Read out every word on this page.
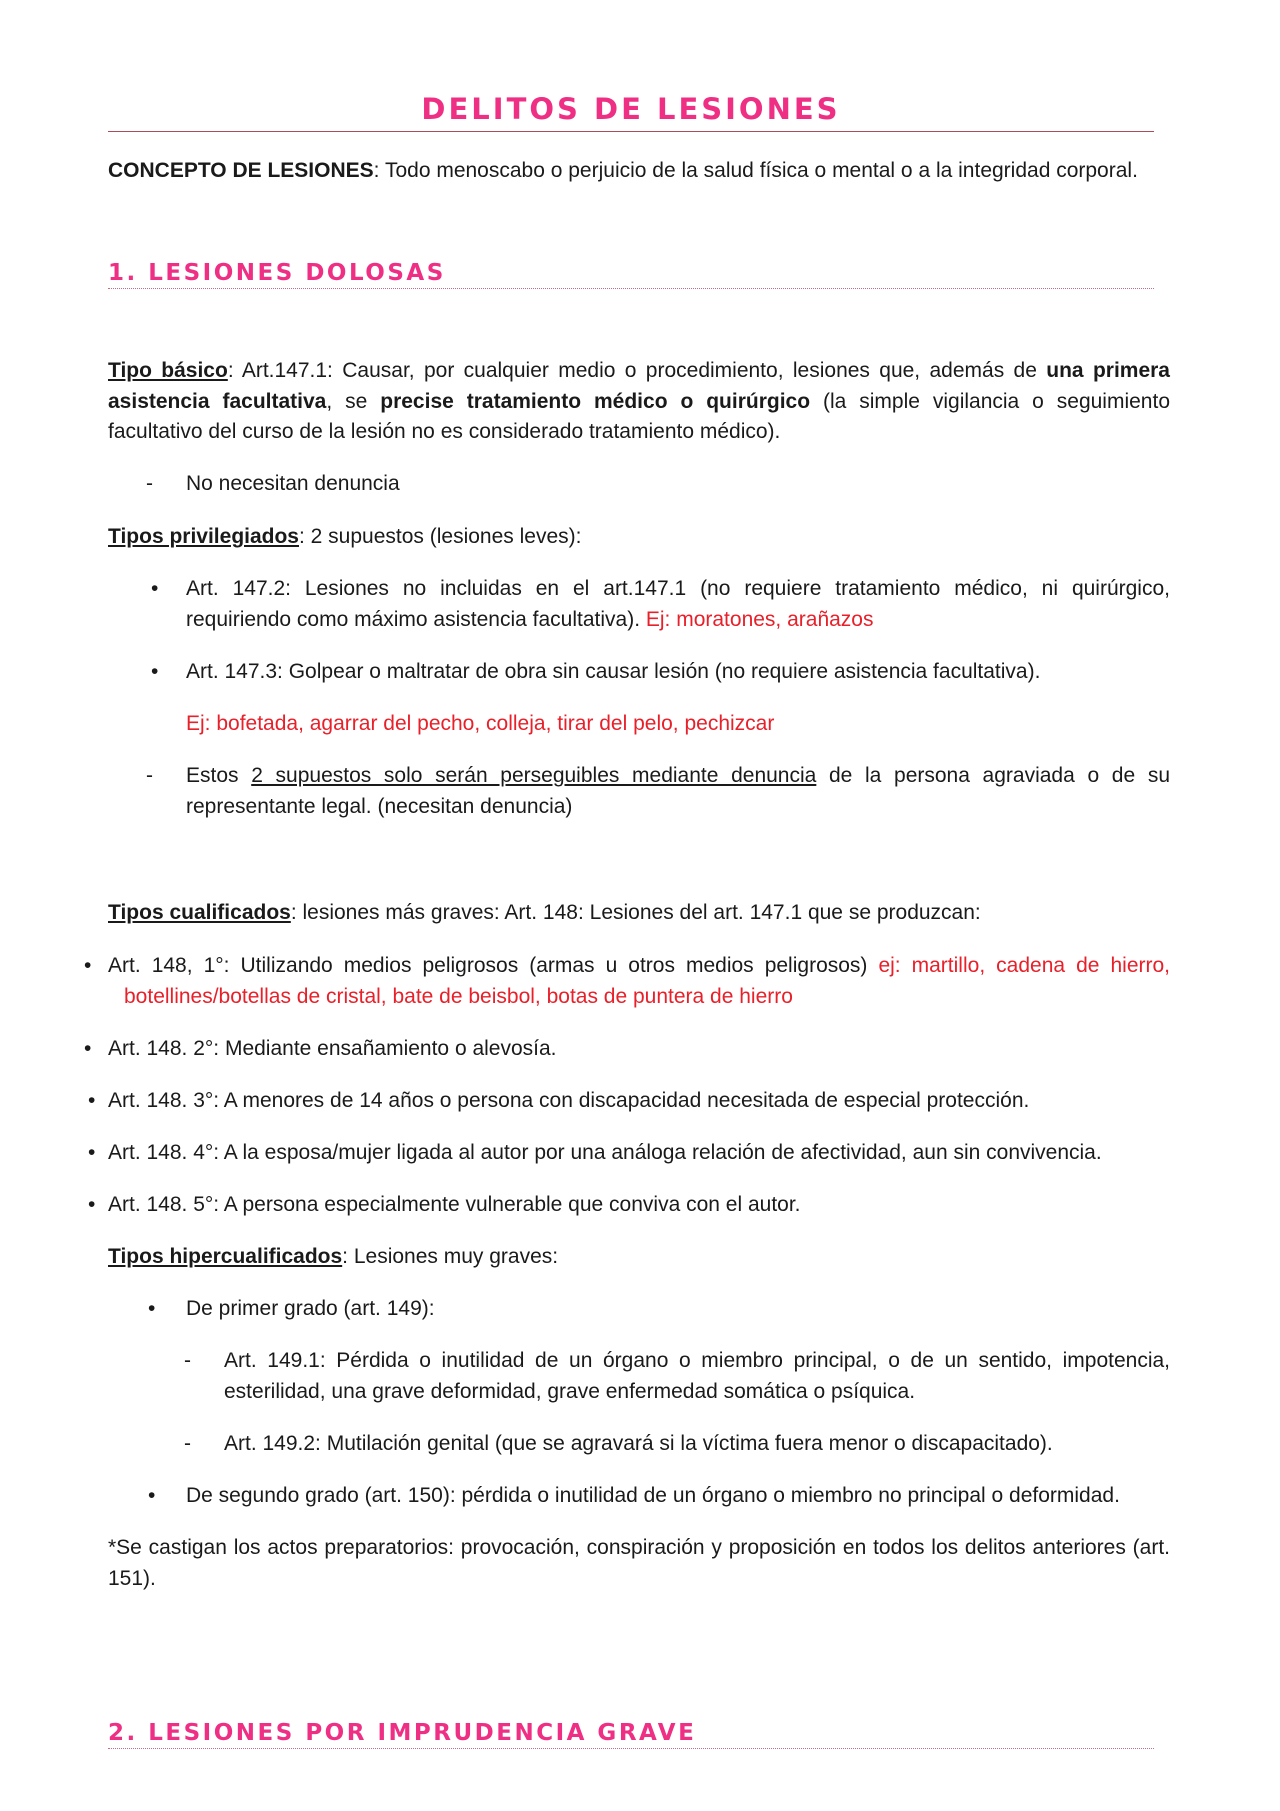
DELITOS DE LESIONES
CONCEPTO DE LESIONES: Todo menoscabo o perjuicio de la salud física o mental o a la integridad corporal.
1. LESIONES DOLOSAS
Tipo básico: Art.147.1: Causar, por cualquier medio o procedimiento, lesiones que, además de una primera asistencia facultativa, se precise tratamiento médico o quirúrgico (la simple vigilancia o seguimiento facultativo del curso de la lesión no es considerado tratamiento médico).
- No necesitan denuncia
Tipos privilegiados: 2 supuestos (lesiones leves):
• Art. 147.2: Lesiones no incluidas en el art.147.1 (no requiere tratamiento médico, ni quirúrgico, requiriendo como máximo asistencia facultativa). Ej: moratones, arañazos
• Art. 147.3: Golpear o maltratar de obra sin causar lesión (no requiere asistencia facultativa).
Ej: bofetada, agarrar del pecho, colleja, tirar del pelo, pechizcar
- Estos 2 supuestos solo serán perseguibles mediante denuncia de la persona agraviada o de su representante legal. (necesitan denuncia)
Tipos cualificados: lesiones más graves: Art. 148: Lesiones del art. 147.1 que se produzcan:
• Art. 148, 1°: Utilizando medios peligrosos (armas u otros medios peligrosos) ej: martillo, cadena de hierro, botellines/botellas de cristal, bate de beisbol, botas de puntera de hierro
• Art. 148. 2°: Mediante ensañamiento o alevosía.
• Art. 148. 3°: A menores de 14 años o persona con discapacidad necesitada de especial protección.
• Art. 148. 4°: A la esposa/mujer ligada al autor por una análoga relación de afectividad, aun sin convivencia.
• Art. 148. 5°: A persona especialmente vulnerable que conviva con el autor.
Tipos hipercualificados: Lesiones muy graves:
• De primer grado (art. 149):
- Art. 149.1: Pérdida o inutilidad de un órgano o miembro principal, o de un sentido, impotencia, esterilidad, una grave deformidad, grave enfermedad somática o psíquica.
- Art. 149.2: Mutilación genital (que se agravará si la víctima fuera menor o discapacitado).
• De segundo grado (art. 150): pérdida o inutilidad de un órgano o miembro no principal o deformidad.
*Se castigan los actos preparatorios: provocación, conspiración y proposición en todos los delitos anteriores (art. 151).
2. LESIONES POR IMPRUDENCIA GRAVE
